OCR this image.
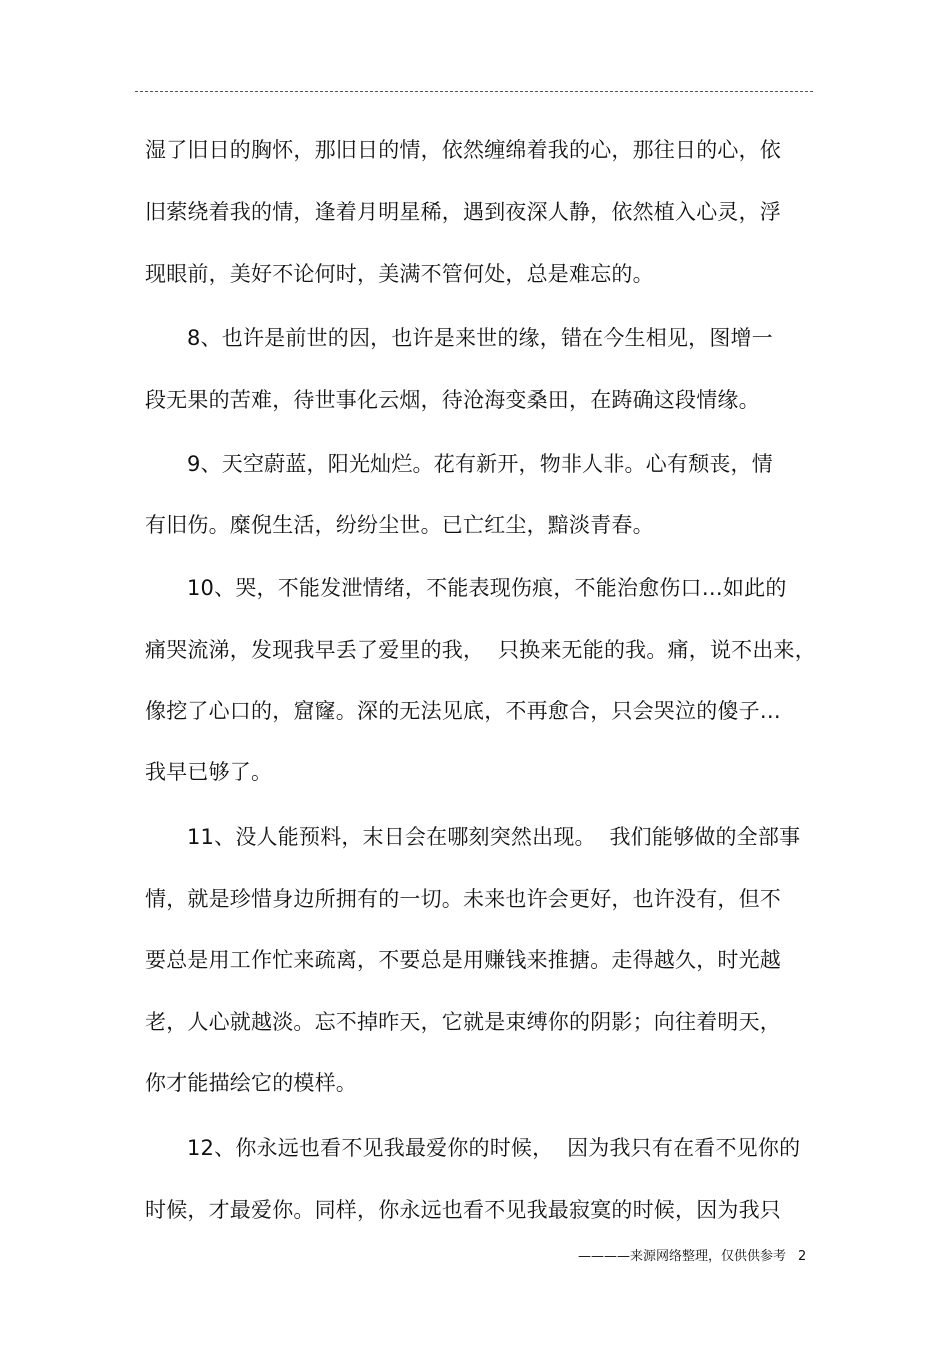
湿了旧日的胸怀，那旧日的情，依然缠绵着我的心，那往日的心，依
旧萦绕着我的情，逢着月明星稀，遇到夜深人静，依然植入心灵，浮
现眼前，美好不论何时，美满不管何处，总是难忘的。
8、也许是前世的因，也许是来世的缘，错在今生相见，图增一
段无果的苦难，待世事化云烟，待沧海变桑田，在踌确这段情缘。
9、天空蔚蓝，阳光灿烂。花有新开，物非人非。心有颓丧，情
有旧伤。糜倪生活，纷纷尘世。已亡红尘，黯淡青春。
10、哭，不能发泄情绪，不能表现伤痕，不能治愈伤口…如此的
痛哭流涕，发现我早丢了爱里的我，  只换来无能的我。痛，说不出来，
像挖了心口的，窟窿。深的无法见底，不再愈合，只会哭泣的傻子…
我早已够了。
11、没人能预料，末日会在哪刻突然出现。  我们能够做的全部事
情，就是珍惜身边所拥有的一切。未来也许会更好，也许没有，但不
要总是用工作忙来疏离，不要总是用赚钱来推搪。走得越久，时光越
老，人心就越淡。忘不掉昨天，它就是束缚你的阴影；向往着明天，
你才能描绘它的模样。
12、你永远也看不见我最爱你的时候，  因为我只有在看不见你的
时候，才最爱你。同样，你永远也看不见我最寂寞的时候，因为我只
————来源网络整理，仅供供参考 2
